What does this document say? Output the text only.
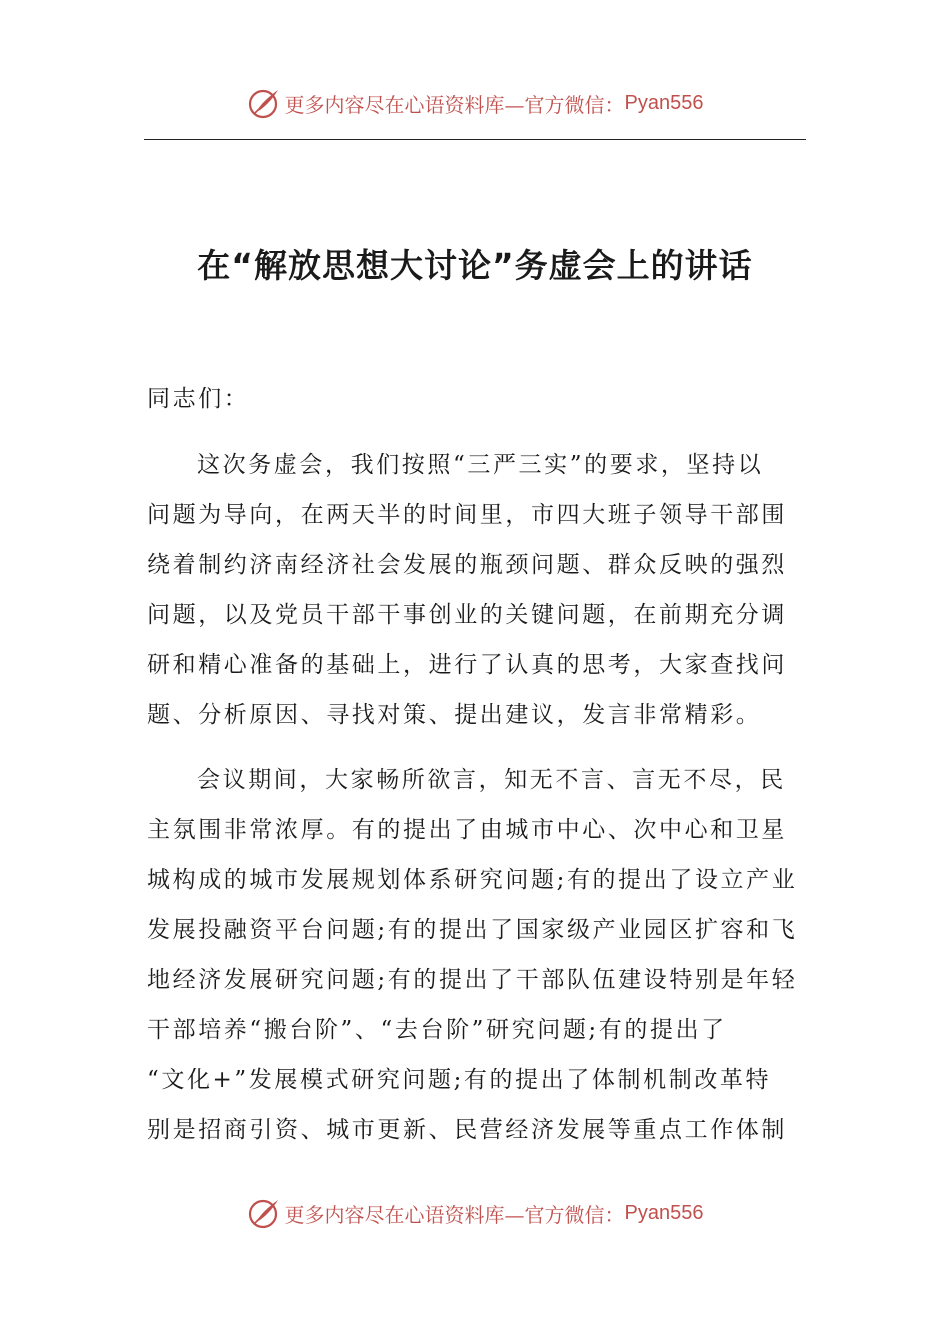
更多内容尽在心语资料库— 官方微信： Pyan556
在“解放思想大讨论”务虚会上的讲话
同志们：
这次务虚会，我们按照“三严三实”的要求，坚持以
问题为导向，在两天半的时间里，市四大班子领导干部围
绕着制约济南经济社会发展的瓶颈问题、群众反映的强烈
问题，以及党员干部干事创业的关键问题，在前期充分调
研和精心准备的基础上，进行了认真的思考，大家查找问
题、分析原因、寻找对策、提出建议，发言非常精彩。
会议期间，大家畅所欲言，知无不言、言无不尽，民
主氛围非常浓厚。有的提出了由城市中心、次中心和卫星
城构成的城市发展规划体系研究问题;有的提出了设立产业
发展投融资平台问题;有的提出了国家级产业园区扩容和飞
地经济发展研究问题;有的提出了干部队伍建设特别是年轻
干部培养“搬台阶”、“去台阶”研究问题;有的提出了
“文化+”发展模式研究问题;有的提出了体制机制改革特
别是招商引资、城市更新、民营经济发展等重点工作体制
更多内容尽在心语资料库— 官方微信： Pyan556
